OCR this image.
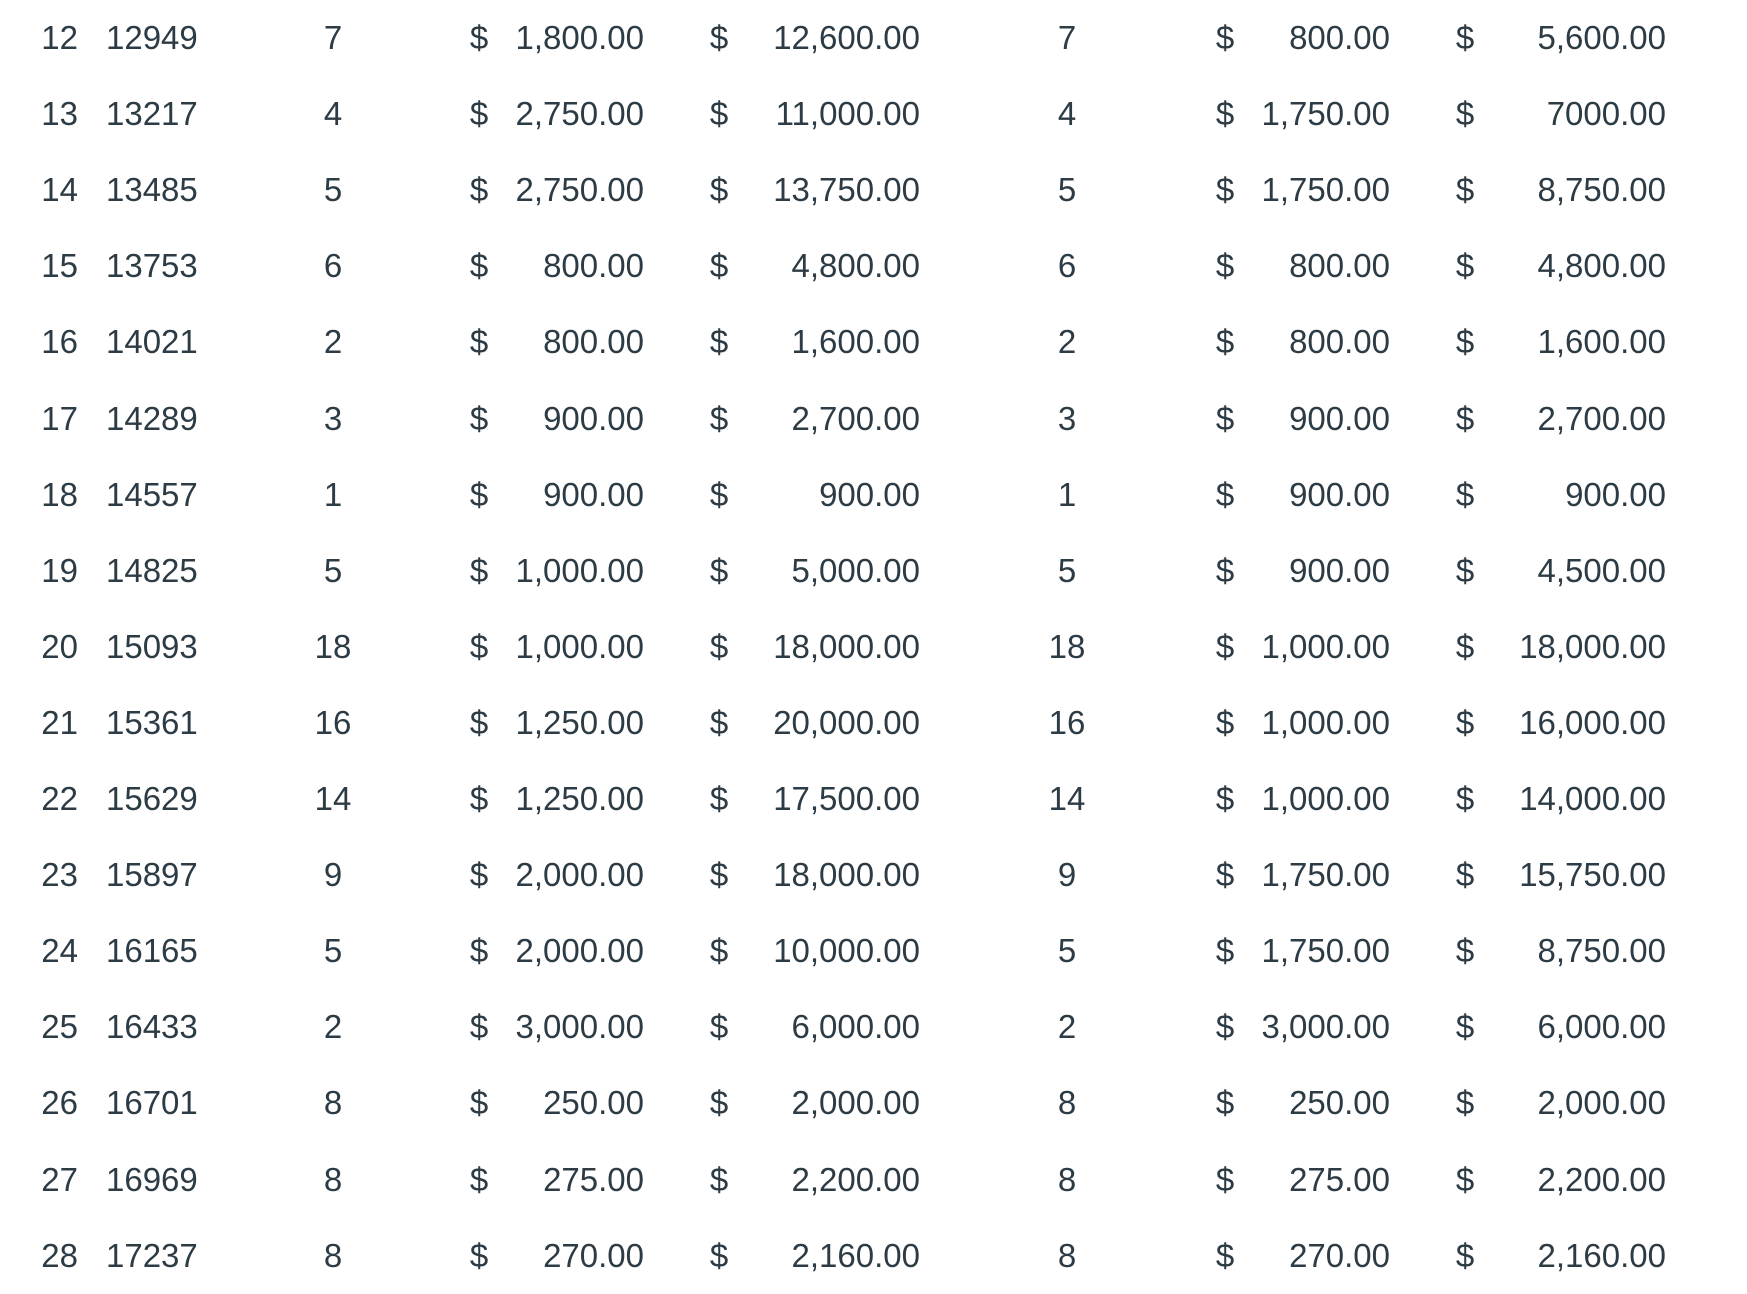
12 12949	7	$ 1,800.00 $	12,600.00	7	$	800.00 $	5,600.00
13 13217	4	$ 2,750.00 $	11,000.00	4	$ 1,750.00 $	7000.00
14 13485	5	$ 2,750.00 $	13,750.00	5	$ 1,750.00 $	8,750.00
15 13753	6	$	800.00 $	4,800.00	6	$	800.00 $	4,800.00
16 14021	2	$	800.00 $	1,600.00	2	$	800.00 $	1,600.00
17 14289	3	$	900.00 $	2,700.00	3	$	900.00 $	2,700.00
18 14557	1	$	900.00 $	900.00	1	$	900.00 $	900.00
19 14825	5	$ 1,000.00 $	5,000.00	5	$	900.00 $	4,500.00
20 15093	18	$ 1,000.00 $	18,000.00	18	$ 1,000.00 $	18,000.00
21 15361	16	$ 1,250.00 $	20,000.00	16	$ 1,000.00 $	16,000.00
22 15629	14	$ 1,250.00 $	17,500.00	14	$ 1,000.00 $	14,000.00
23 15897	9	$ 2,000.00 $	18,000.00	9	$ 1,750.00 $	15,750.00
24 16165	5	$ 2,000.00 $	10,000.00	5	$ 1,750.00 $	8,750.00
25 16433	2	$ 3,000.00 $	6,000.00	2	$ 3,000.00 $	6,000.00
26 16701	8	$	250.00 $	2,000.00	8	$	250.00 $	2,000.00
27 16969	8	$	275.00 $	2,200.00	8	$	275.00 $	2,200.00
28 17237	8	$	270.00 $	2,160.00	8	$	270.00 $	2,160.00
